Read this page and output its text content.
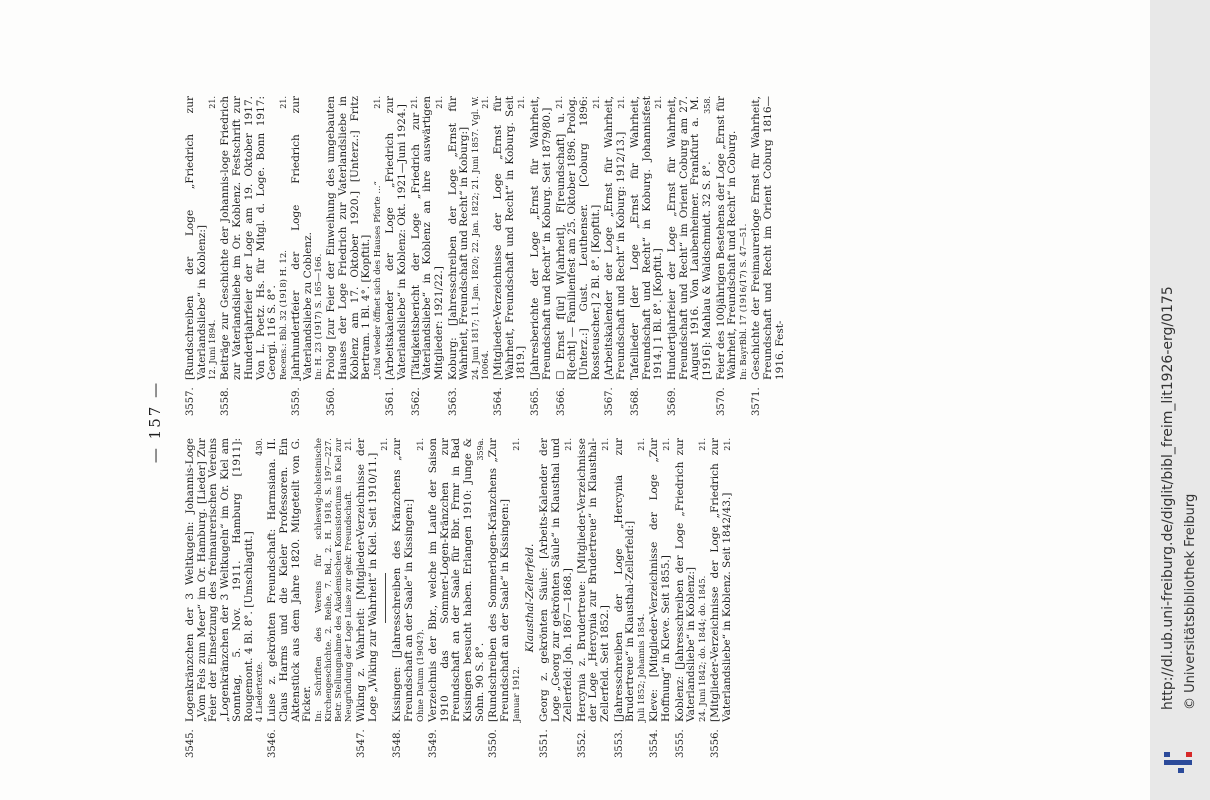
— 157 —
3545.
Logenkränzchen der 3 Weltkugeln: Johannis-Loge „Vom Fels zum Meer“ im Or. Hamburg. [Lieder] Zur Feier der Einsetzung des freimaurerischen Vereins „Logenkränzchen der 3 Weltkugeln“ im Or. Kiel am Sonntag, 5. Nov. 1911. Hamburg [1911]: Rougemont. 4 Bl. 8°. [Umschlagtit.] 4 Liedertexte.
430.
3546.
Luise z. gekrönten Freundschaft: Harmsiana. II. Claus Harms und die Kieler Professoren. Ein Aktenstück aus dem Jahre 1820. Mitgeteilt von G. Ficker. In: Schriften des Vereins für schleswig-holsteinische Kirchengeschichte. 2. Reihe, 7. Bd., 2. H. 1918, S. 197—227. Betr. Stellungnahme des Akademischen Konsistoriums in Kiel zur Neugründung der Loge Luise zur gekr. Freundschaft.
21.
3547.
Wiking z. Wahrheit: [Mitglieder-Verzeichnisse der Loge „Wiking zur Wahrheit“ in Kiel. Seit 1910/11.]
21.
3548.
Kissingen: [Jahresschreiben des Kränzchens „zur Freundschaft an der Saale“ in Kissingen:] Ohne Datum (1904?).
21.
3549.
Verzeichnis der Bbr., welche im Laufe der Saison 1910 das Sommer-Logen-Kränzchen zur Freundschaft an der Saale für Bbr. Frmr in Bad Kissingen besucht haben. Erlangen 1910: Junge & Sohn. 90 S. 8°.
359a.
3550.
[Rundschreiben des Sommerlogen-Kränzchens „Zur Freundschaft an der Saale“ in Kissingen:] Januar 1912.
21.
Klausthal-Zellerfeld.
3551.
Georg z. gekrönten Säule: [Arbeits-Kalender der Loge „Georg zur gekrönten Säule“ in Klausthal und Zellerfeld: Joh. 1867—1868.]
21.
3552.
Hercynia z. Brudertreue: [Mitglieder-Verzeichnisse der Loge „Hercynia zur Brudertreue“ in Klausthal-Zellerfeld. Seit 1852.]
21.
3553.
[Jahresschreiben der Loge „Hercynia zur Brudertreue“ in Klausthal-Zellerfeld:] Juli 1852; Johannis 1854.
21.
3554.
Kleve: [Mitglieder-Verzeichnisse der Loge „Zur Hoffnung“ in Kleve. Seit 1855.]
21.
3555.
Koblenz: [Jahresschreiben der Loge „Friedrich zur Vaterlandsliebe“ in Koblenz:] 24. Juni 1842; do. 1844; do. 1845.
21.
3556.
[Mitglieder-Verzeichnisse der Loge „Friedrich zur Vaterlandsliebe“ in Koblenz. Seit 1842/43.]
21.
3557.
[Rundschreiben der Loge „Friedrich zur Vaterlandsliebe“ in Koblenz:] 12. Juni 1894.
21.
3558.
Beiträge zur Geschichte der Johannis-loge Friedrich zur Vaterlandsliebe im Or. Koblenz. Festschrift zur Hundertjahrfeier der Loge am 19. Oktober 1917. Von L. Poetz. Hs. für Mitgl. d. Loge. Bonn 1917: Georgi. 116 S. 8°. Recens.: Bbl. 32 (1918) H. 12.
21.
3559.
Jahrhundertfeier der Loge Friedrich zur Vaterlandsliebe zu Coblenz. In: H. 23 (1917) S. 165—166.
3560.
Prolog [zur Feier der Einweihung des umgebauten Hauses der Loge Friedrich zur Vaterlandsliebe in Koblenz am 17. Oktober 1920.] [Unterz.:] Fritz Bertram. 1 Bl. 4°. [Kopftit.] „Und wieder öffnet sich des Hauses Pforte ...“
21.
3561.
[Arbeitskalender der Loge „Friedrich zur Vaterlandsliebe“ in Koblenz: Okt. 1921—Juni 1924.]
21.
3562.
[Tätigkeitsbericht der Loge „Friedrich zur Vaterlandsliebe“ in Koblenz an ihre auswärtigen Mitglieder: 1921/22.]
21.
3563.
Koburg: [Jahresschreiben der Loge „Ernst für Wahrheit, Freundschaft und Recht“ in Koburg:] 24. Juni 1817; 11. Jan. 1820; 22. Jan. 1822; 21. Juni 1857. Vgl. W. 10064.
21.
3564.
[Mitglieder-Verzeichnisse der Loge „Ernst für Wahrheit, Freundschaft und Recht“ in Koburg. Seit 1819.]
21.
3565.
[Jahresberichte der Loge „Ernst für Wahrheit, Freundschaft und Recht“ in Koburg. Seit 1879/80.]
21.
3566.
☐ Ernst f[ür] W[ahrheit], F[reundschaft] u. R[echt] — Familienfest am 25. Oktober 1896. Prolog. [Unterz.:] Gust. Leuthenser. [Coburg 1896: Rossteuscher.] 2 Bl. 8°. [Kopftit.]
21.
3567.
[Arbeitskalender der Loge „Ernst für Wahrheit, Freundschaft und Recht“ in Koburg: 1912/13.]
21.
3568.
Tafellieder [der Loge „Ernst für Wahrheit, Freundschaft und Recht“ in Koburg. Johannisfest 1914.] 1 Bl. 8°. [Kopftit.]
21.
3569.
Hundertjahrfeier der Loge „Ernst für Wahrheit, Freundschaft und Recht“ im Orient Coburg am 27. August 1916. Von Laubenheimer. Frankfurt a. M. [1916]: Mahlau & Waldschmidt. 32 S. 8°.
358.
3570.
Feier des 100jährigen Bestehens der Loge „Ernst für Wahrheit, Freundschaft und Recht“ in Coburg. In: BayrBbl. 17 (1916/17) S. 47—51.
3571.
Geschichte der Freimaurerloge Ernst für Wahrheit, Freundschaft und Recht im Orient Coburg 1816—1916. Fest-	http://dl.ub.uni-freiburg.de/diglit/bibl_freim_lit1926-erg/0175 © Universitätsbibliothek Freiburg
